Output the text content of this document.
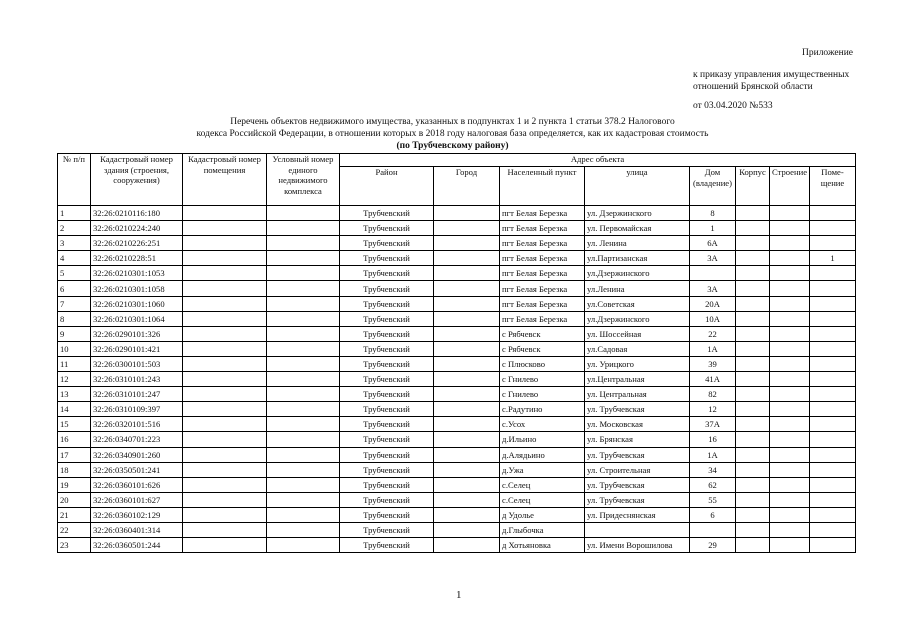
Приложение
к приказу управления имущественных
отношений Брянской области
от 03.04.2020 №533
Перечень объектов недвижимого имущества, указанных в подпунктах 1 и 2 пункта 1 статьи 378.2 Налогового
кодекса Российской Федерации, в отношении которых в 2018 году налоговая база определяется, как их кадастровая стоимость
(по Трубчевскому району)
№ п/п	Кадастровый номер здания (строения, сооружения)	Кадастровый номер помещения	Условный номер единого недвижимого комплекса	Адрес объекта							
				Район	Город	Населенный пункт	улица	Дом (владение)	Корпус	Строение	Поме-щение
1	32:26:0210116:180			Трубчевский		пгт Белая Березка	ул. Дзержинского	8			
2	32:26:0210224:240			Трубчевский		пгт Белая Березка	ул. Первомайская	1			
3	32:26:0210226:251			Трубчевский		пгт Белая Березка	ул. Ленина	6А			
4	32:26:0210228:51			Трубчевский		пгт Белая Березка	ул.Партизанская	3А			1
5	32:26:0210301:1053			Трубчевский		пгт Белая Березка	ул.Дзержинского				
6	32:26:0210301:1058			Трубчевский		пгт Белая Березка	ул.Ленина	3А			
7	32:26:0210301:1060			Трубчевский		пгт Белая Березка	ул.Советская	20А			
8	32:26:0210301:1064			Трубчевский		пгт Белая Березка	ул.Дзержинского	10А			
9	32:26:0290101:326			Трубчевский		с Рябчевск	ул. Шоссейная	22			
10	32:26:0290101:421			Трубчевский		с Рябчевск	ул.Садовая	1А			
11	32:26:0300101:503			Трубчевский		с Плюсково	ул. Урицкого	39			
12	32:26:0310101:243			Трубчевский		с Гнилево	ул.Центральная	41А			
13	32:26:0310101:247			Трубчевский		с Гнилево	ул. Центральная	82			
14	32:26:0310109:397			Трубчевский		с.Радутино	ул. Трубчевская	12			
15	32:26:0320101:516			Трубчевский		с.Усох	ул. Московская	37А			
16	32:26:0340701:223			Трубчевский		д.Ильино	ул. Брянская	16			
17	32:26:0340901:260			Трубчевский		д.Алядьино	ул. Трубчевская	1А			
18	32:26:0350501:241			Трубчевский		д.Ужа	ул. Строительная	34			
19	32:26:0360101:626			Трубчевский		с.Селец	ул. Трубчевская	62			
20	32:26:0360101:627			Трубчевский		с.Селец	ул. Трубчевская	55			
21	32:26:0360102:129			Трубчевский		д Удолье	ул. Придеснянская	6			
22	32:26:0360401:314			Трубчевский		д.Глыбочка					
23	32:26:0360501:244			Трубчевский		д Хотьяновка	ул. Имени Ворошилова	29			
1
